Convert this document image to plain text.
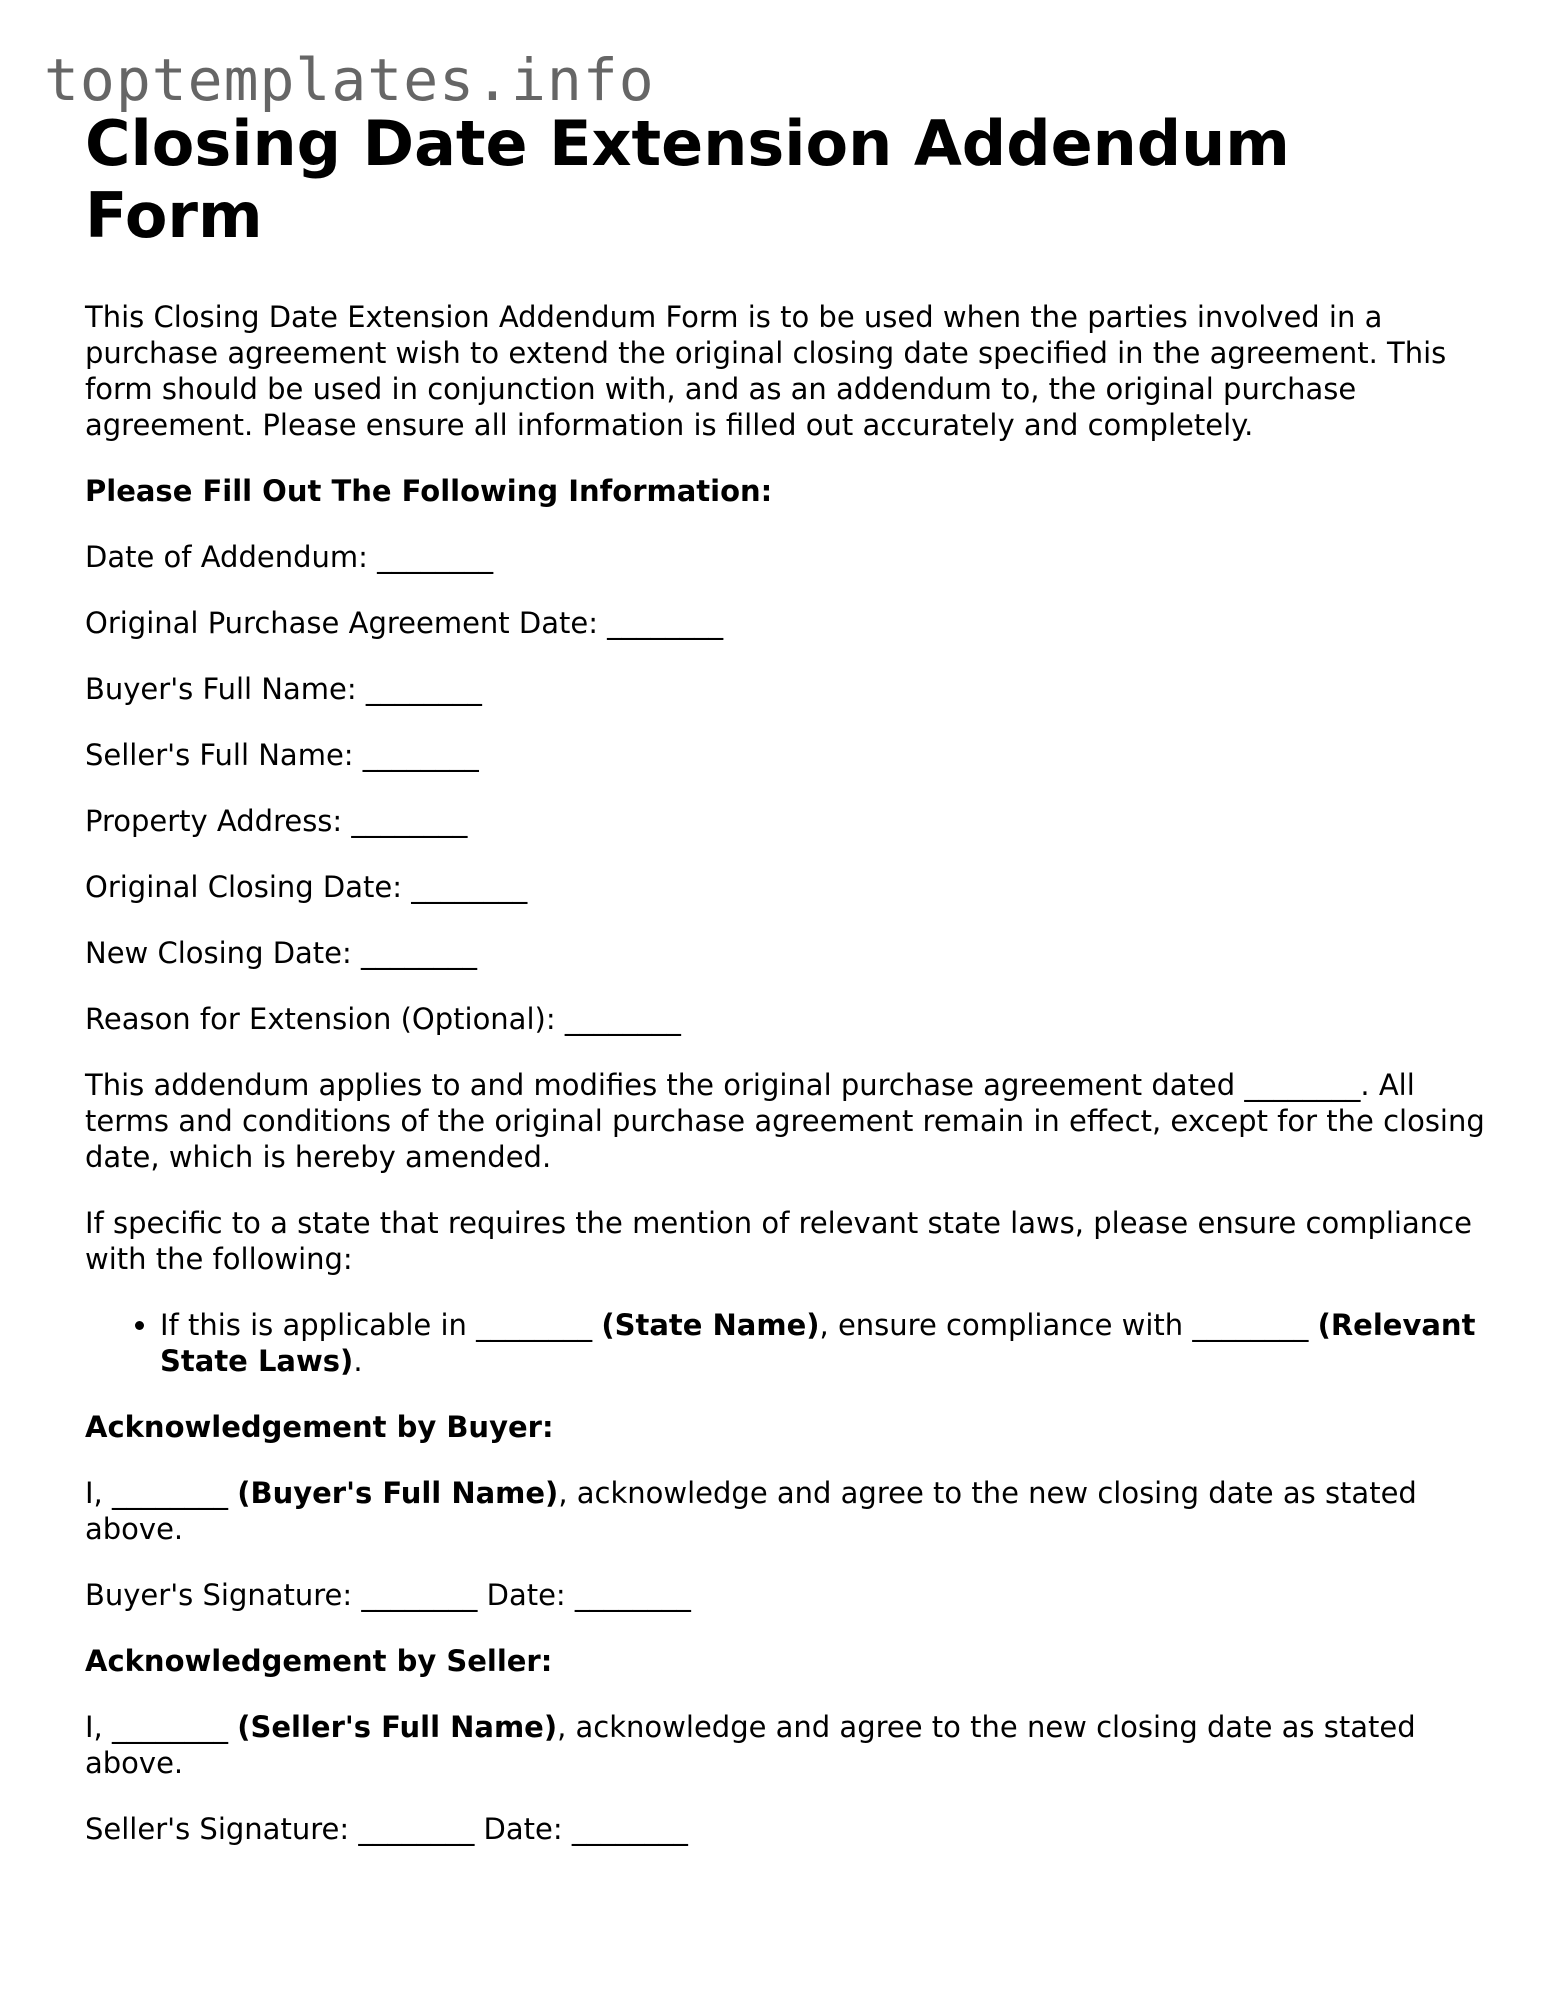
toptemplates.info
Closing Date Extension Addendum Form

This Closing Date Extension Addendum Form is to be used when the parties involved in a purchase agreement wish to extend the original closing date specified in the agreement. This form should be used in conjunction with, and as an addendum to, the original purchase agreement. Please ensure all information is filled out accurately and completely.

Please Fill Out The Following Information:

Date of Addendum: ________

Original Purchase Agreement Date: ________

Buyer's Full Name: ________

Seller's Full Name: ________

Property Address: ________

Original Closing Date: ________

New Closing Date: ________

Reason for Extension (Optional): ________

This addendum applies to and modifies the original purchase agreement dated ________. All terms and conditions of the original purchase agreement remain in effect, except for the closing date, which is hereby amended.

If specific to a state that requires the mention of relevant state laws, please ensure compliance with the following:

• If this is applicable in ________ (State Name), ensure compliance with ________ (Relevant State Laws).

Acknowledgement by Buyer:

I, ________ (Buyer's Full Name), acknowledge and agree to the new closing date as stated above.

Buyer's Signature: ________ Date: ________

Acknowledgement by Seller:

I, ________ (Seller's Full Name), acknowledge and agree to the new closing date as stated above.

Seller's Signature: ________ Date: ________
